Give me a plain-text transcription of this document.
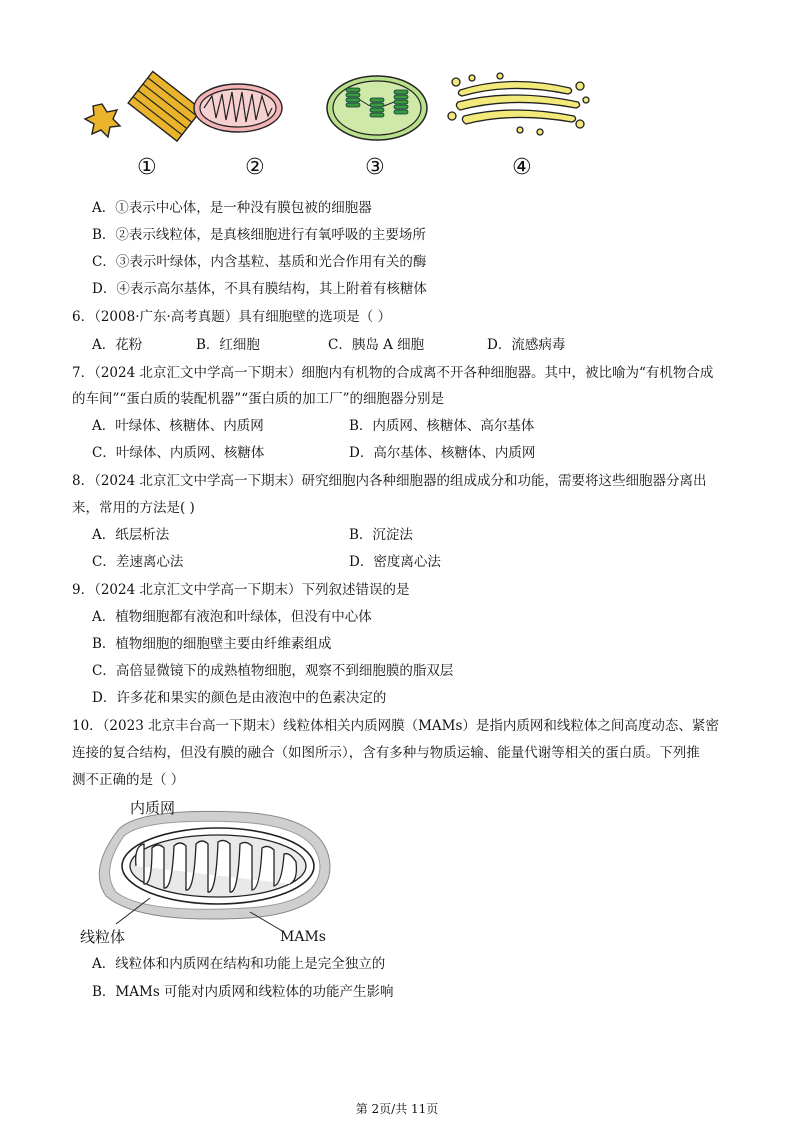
①	②	③	④
A．①表示中心体，是一种没有膜包被的细胞器
B．②表示线粒体，是真核细胞进行有氧呼吸的主要场所
C．③表示叶绿体，内含基粒、基质和光合作用有关的酶
D．④表示高尔基体，不具有膜结构，其上附着有核糖体
6．（2008·广东·高考真题）具有细胞壁的选项是（ ）
A．花粉	B．红细胞	C．胰岛 A 细胞	D．流感病毒
7．（2024 北京汇文中学高一下期末）细胞内有机物的合成离不开各种细胞器。其中，被比喻为“有机物合成
的车间”“蛋白质的装配机器”“蛋白质的加工厂”的细胞器分别是
A．叶绿体、核糖体、内质网	B．内质网、核糖体、高尔基体
C．叶绿体、内质网、核糖体	D．高尔基体、核糖体、内质网
8．（2024 北京汇文中学高一下期末）研究细胞内各种细胞器的组成成分和功能，需要将这些细胞器分离出
来，常用的方法是( )
A．纸层析法	B．沉淀法
C．差速离心法	D．密度离心法
9．（2024 北京汇文中学高一下期末）下列叙述错误的是
A．植物细胞都有液泡和叶绿体，但没有中心体
B．植物细胞的细胞壁主要由纤维素组成
C．高倍显微镜下的成熟植物细胞，观察不到细胞膜的脂双层
D．许多花和果实的颜色是由液泡中的色素决定的
10．（2023 北京丰台高一下期末）线粒体相关内质网膜（MAMs）是指内质网和线粒体之间高度动态、紧密
连接的复合结构，但没有膜的融合（如图所示），含有多种与物质运输、能量代谢等相关的蛋白质。下列推
测不正确的是（ ）
内质网
线粒体	MAMs
A．线粒体和内质网在结构和功能上是完全独立的
B．MAMs 可能对内质网和线粒体的功能产生影响
第 2页/共 11页
